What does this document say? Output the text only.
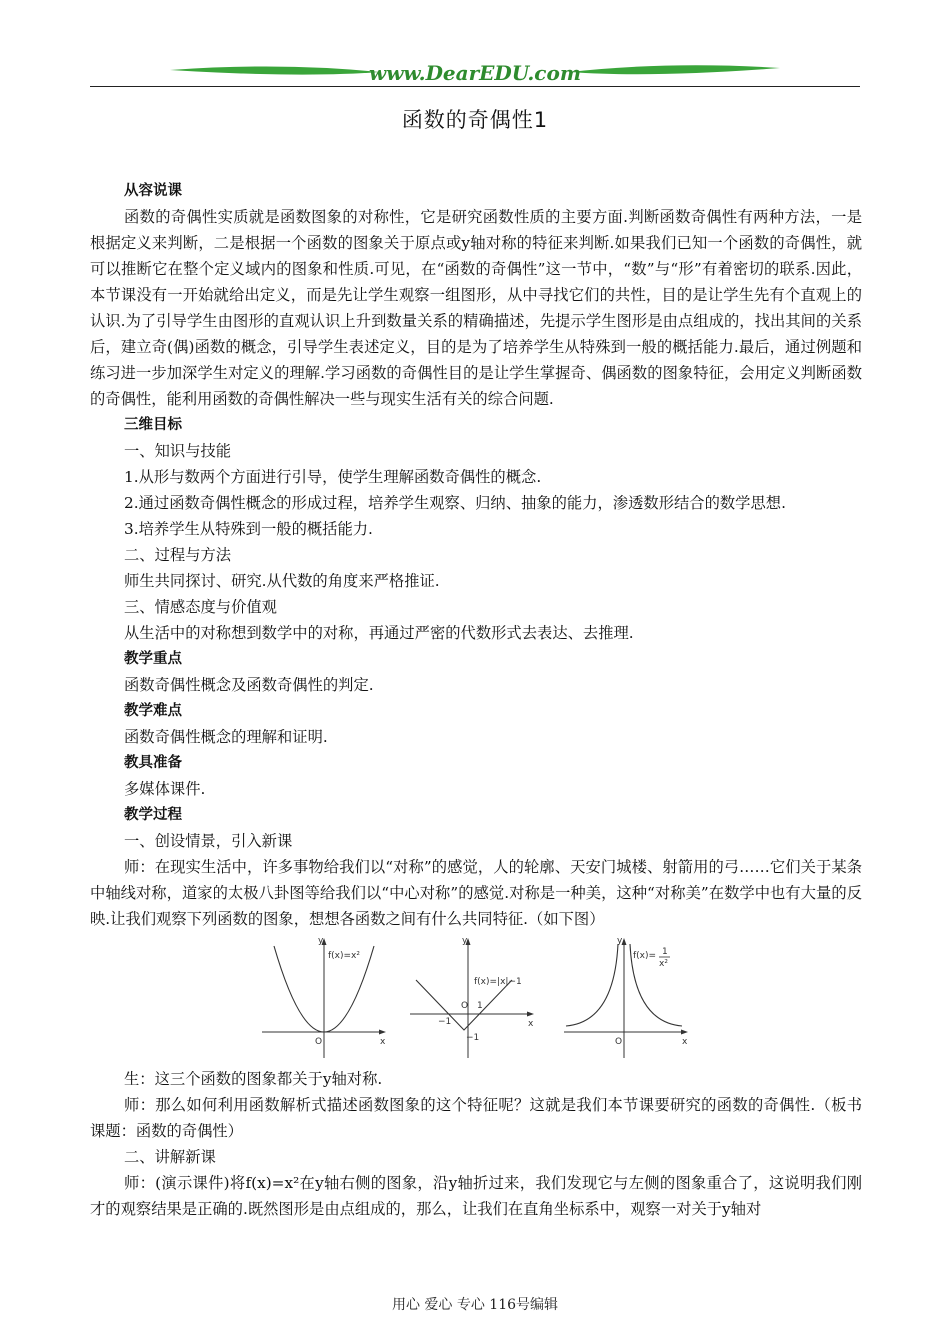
www.DearEDU.com
函数的奇偶性1

从容说课

函数的奇偶性实质就是函数图象的对称性，它是研究函数性质的主要方面.判断函数奇偶性有两种方法，一是根据定义来判断，二是根据一个函数的图象关于原点或y轴对称的特征来判断.如果我们已知一个函数的奇偶性，就可以推断它在整个定义域内的图象和性质.可见，在“函数的奇偶性”这一节中，“数”与“形”有着密切的联系.因此，本节课没有一开始就给出定义，而是先让学生观察一组图形，从中寻找它们的共性，目的是让学生先有个直观上的认识.为了引导学生由图形的直观认识上升到数量关系的精确描述，先提示学生图形是由点组成的，找出其间的关系后，建立奇(偶)函数的概念，引导学生表述定义，目的是为了培养学生从特殊到一般的概括能力.最后，通过例题和练习进一步加深学生对定义的理解.学习函数的奇偶性目的是让学生掌握奇、偶函数的图象特征，会用定义判断函数的奇偶性，能利用函数的奇偶性解决一些与现实生活有关的综合问题.

三维目标

一、知识与技能

1.从形与数两个方面进行引导，使学生理解函数奇偶性的概念.

2.通过函数奇偶性概念的形成过程，培养学生观察、归纳、抽象的能力，渗透数形结合的数学思想.

3.培养学生从特殊到一般的概括能力.

二、过程与方法

师生共同探讨、研究.从代数的角度来严格推证.

三、情感态度与价值观

从生活中的对称想到数学中的对称，再通过严密的代数形式去表达、去推理.

教学重点

函数奇偶性概念及函数奇偶性的判定.

教学难点

函数奇偶性概念的理解和证明.

教具准备

多媒体课件.

教学过程

一、创设情景，引入新课

师：在现实生活中，许多事物给我们以“对称”的感觉，人的轮廓、天安门城楼、射箭用的弓……它们关于某条中轴线对称，道家的太极八卦图等给我们以“中心对称”的感觉.对称是一种美，这种“对称美”在数学中也有大量的反映.让我们观察下列函数的图象，想想各函数之间有什么共同特征.（如下图）

y
x
O
f(x)=x²
y
x
O
−1
1
−1
f(x)=|x|−1
y
x
O
f(x)= 1
x²

生：这三个函数的图象都关于y轴对称.

师：那么如何利用函数解析式描述函数图象的这个特征呢？这就是我们本节课要研究的函数的奇偶性.（板书课题：函数的奇偶性）

二、讲解新课

师：(演示课件)将f(x)=x²在y轴右侧的图象，沿y轴折过来，我们发现它与左侧的图象重合了，这说明我们刚才的观察结果是正确的.既然图形是由点组成的，那么，让我们在直角坐标系中，观察一对关于y轴对

用心 爱心 专心 116号编辑
